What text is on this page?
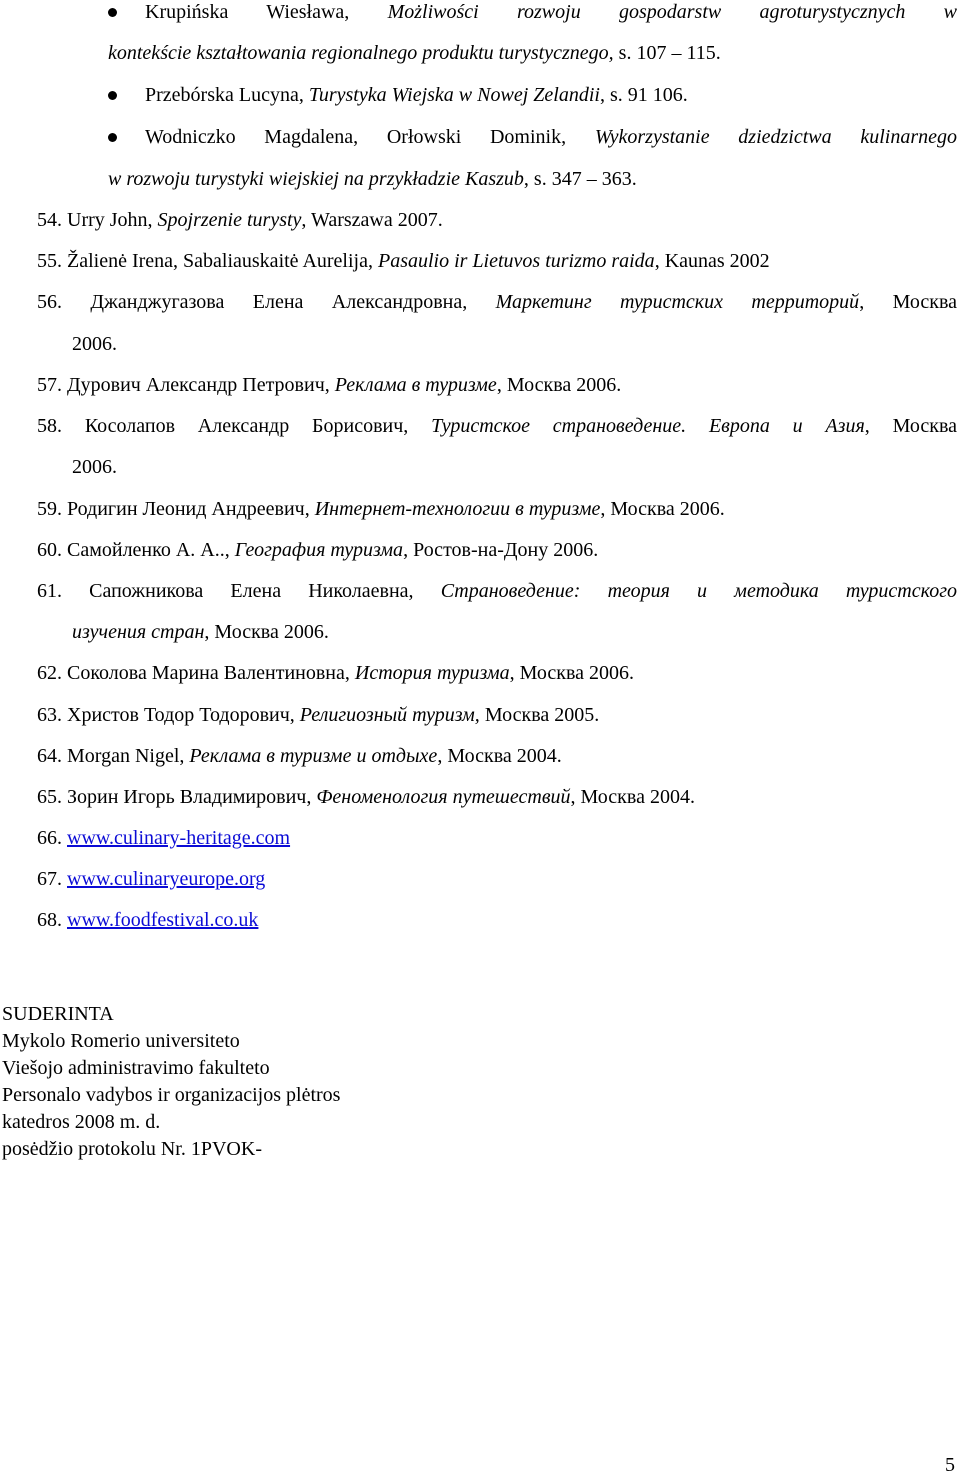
Krupińska Wiesława, Możliwości rozwoju gospodarstw agroturystycznych w
kontekście kształtowania regionalnego produktu turystycznego, s. 107 – 115.
Przebórska Lucyna, Turystyka Wiejska w Nowej Zelandii, s. 91 106.
Wodniczko Magdalena, Orłowski Dominik, Wykorzystanie dziedzictwa kulinarnego
w rozwoju turystyki wiejskiej na przykładzie Kaszub, s. 347 – 363.
54. Urry John, Spojrzenie turysty, Warszawa 2007.
55. Žalienė Irena, Sabaliauskaitė Aurelija, Pasaulio ir Lietuvos turizmo raida, Kaunas 2002
56. Джанджугазова Елена Александровна, Маркетинг туристских территорий, Москва
2006.
57. Дурович Александр Петрович, Реклама в туризме, Москва 2006.
58. Косолапов Александр Борисович, Туристское страноведение. Европа и Азия, Москва
2006.
59. Родигин Леонид Андреевич, Интернет-технологии в туризме, Москва 2006.
60. Самойленко А. А.., География туризма, Ростов-на-Дону 2006.
61. Сапожникова Елена Николаевна, Страноведение: теория и методика туристского
изучения стран, Москва 2006.
62. Соколова Марина Валентиновна, История туризма, Москва 2006.
63. Христов Тодор Тодорович, Религиозный туризм, Москва 2005.
64. Morgan Nigel, Реклама в туризме и отдыхе, Москва 2004.
65. Зорин Игорь Владимирович, Феноменология путешествий, Москва 2004.
66. www.culinary-heritage.com
67. www.culinaryeurope.org
68. www.foodfestival.co.uk
SUDERINTA
Mykolo Romerio universiteto
Viešojo administravimo fakulteto
Personalo vadybos ir organizacijos plėtros
katedros 2008 m. d.
posėdžio protokolu Nr. 1PVOK-
5
